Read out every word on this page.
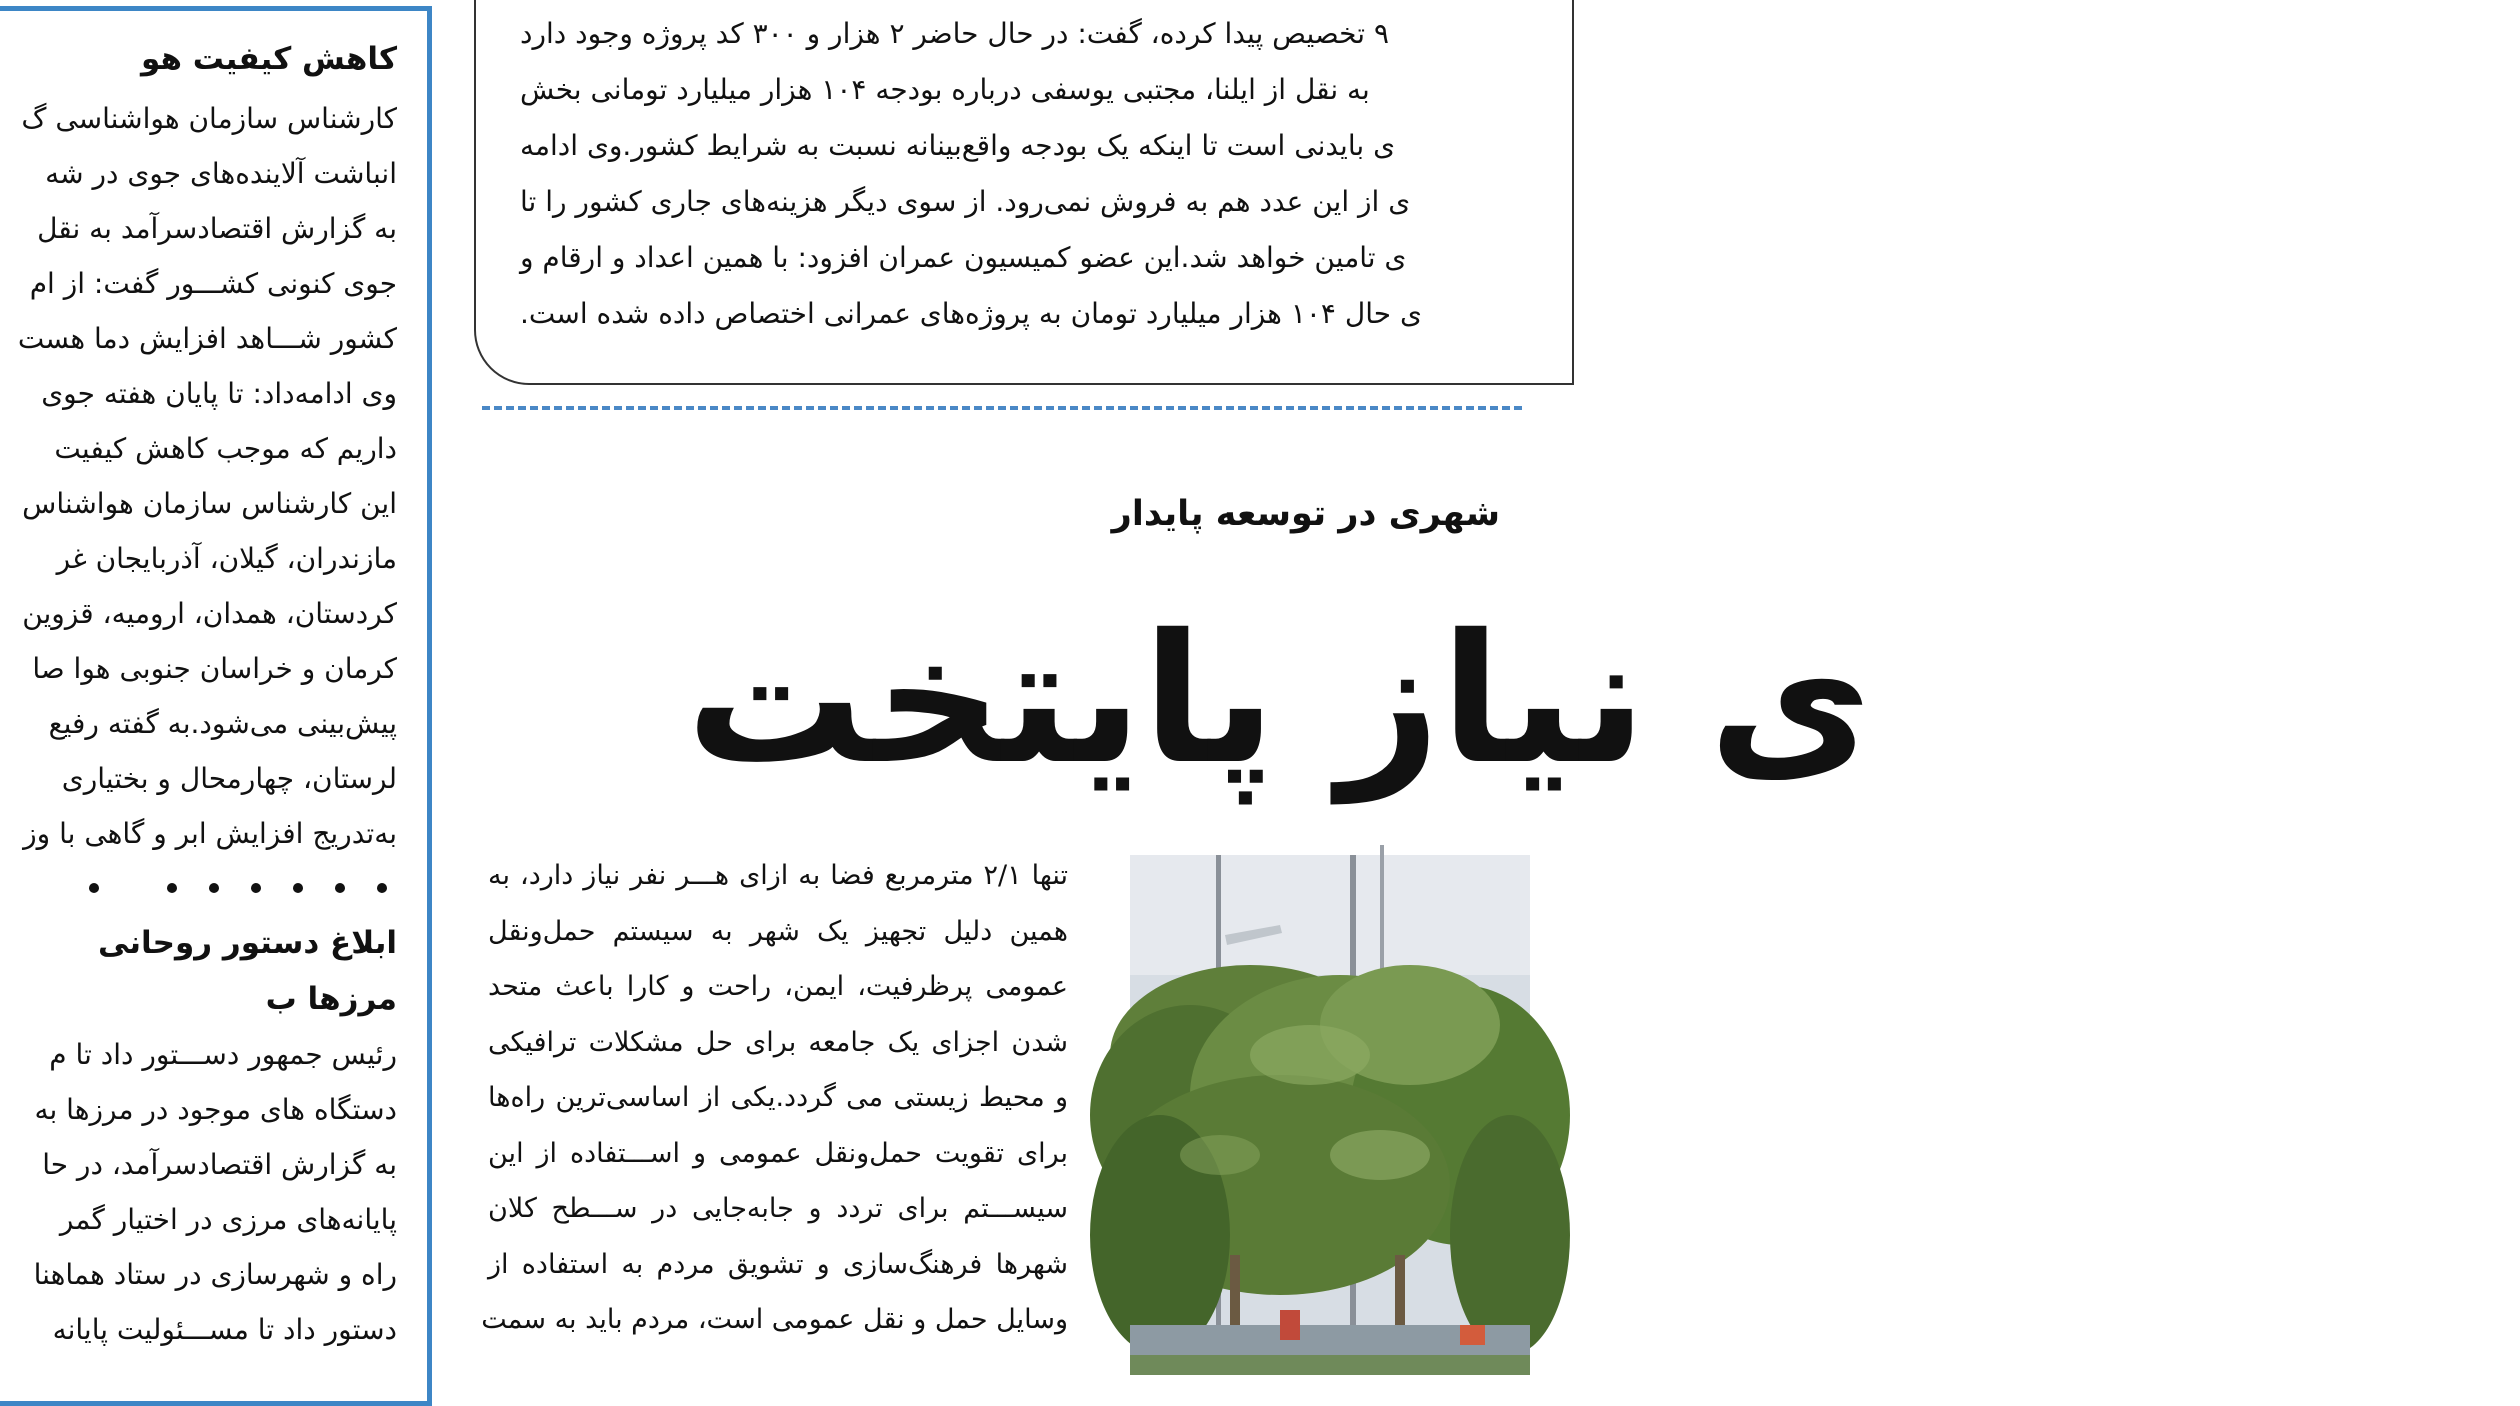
کاهش کیفیت هو
کارشناس سازمان هواشناسی گ
انباشت آلاینده‌های جوی در شه
به گزارش اقتصادسرآمد به نقل
جوی کنونی کشـــور گفت: از ام
کشور شـــاهد افزایش دما هست
وی ادامه‌داد: تا پایان هفته جوی
داریم که موجب کاهش کیفیت
این کارشناس سازمان هواشناس
مازندران، گیلان، آذربایجان غر
کردستان، همدان، ارومیه، قزوین
کرمان و خراسان جنوبی هوا صا
پیش‌بینی می‌شود.به گفته رفیع
لرستان، چهارمحال و بختیاری
به‌تدریج افزایش ابر و گاهی با وز
ابلاغ دستور روحانی
مرزها ب
رئیس جمهور دســـتور داد تا م
دستگاه های موجود در مرزها به
به گزارش اقتصادسرآمد، در حا
پایانه‌های مرزی در اختیار گمر
راه و شهرسازی در ستاد هماهنا
دستور داد تا مســـئولیت پایانه‌
۹ تخصیص پیدا کرده، گفت: در حال حاضر ۲ هزار و ۳۰۰ کد پروژه وجود دارد
به نقل از ایلنا، مجتبی یوسفی درباره بودجه ۱۰۴ هزار میلیارد تومانی بخش
ی بایدنی است تا اینکه یک بودجه واقع‌بینانه نسبت به شرایط کشور.وی ادامه
ی از این عدد هم به فروش نمی‌رود. از سوی دیگر هزینه‌های جاری کشور را تا
ی تامین خواهد شد.این عضو کمیسیون عمران افزود: با همین اعداد و ارقام و
ی حال ۱۰۴ هزار میلیارد تومان به پروژه‌های عمرانی اختصاص داده شده است.
شهری در توسعه پایدار
ی نیاز پایتخت
تنها ۲/۱ مترمربع فضا به ازای هـــر نفر نیاز دارد، به
همین دلیل تجهیز یک شهر به سیستم حمل‌ونقل
عمومی پرظرفیت، ایمن، راحت و کارا باعث متحد
شدن اجزای یک جامعه برای حل مشکلات ترافیکی
و محیط زیستی می گردد.یکی از اساسی‌ترین راه‌ها
برای تقویت حمل‌ونقل عمومی و اســـتفاده از این
سیســـتم برای تردد و جابه‌جایی در ســـطح کلان
شهرها فرهنگ‌سازی و تشویق مردم به استفاده از
وسایل حمل و نقل عمومی است، مردم باید به سمت
